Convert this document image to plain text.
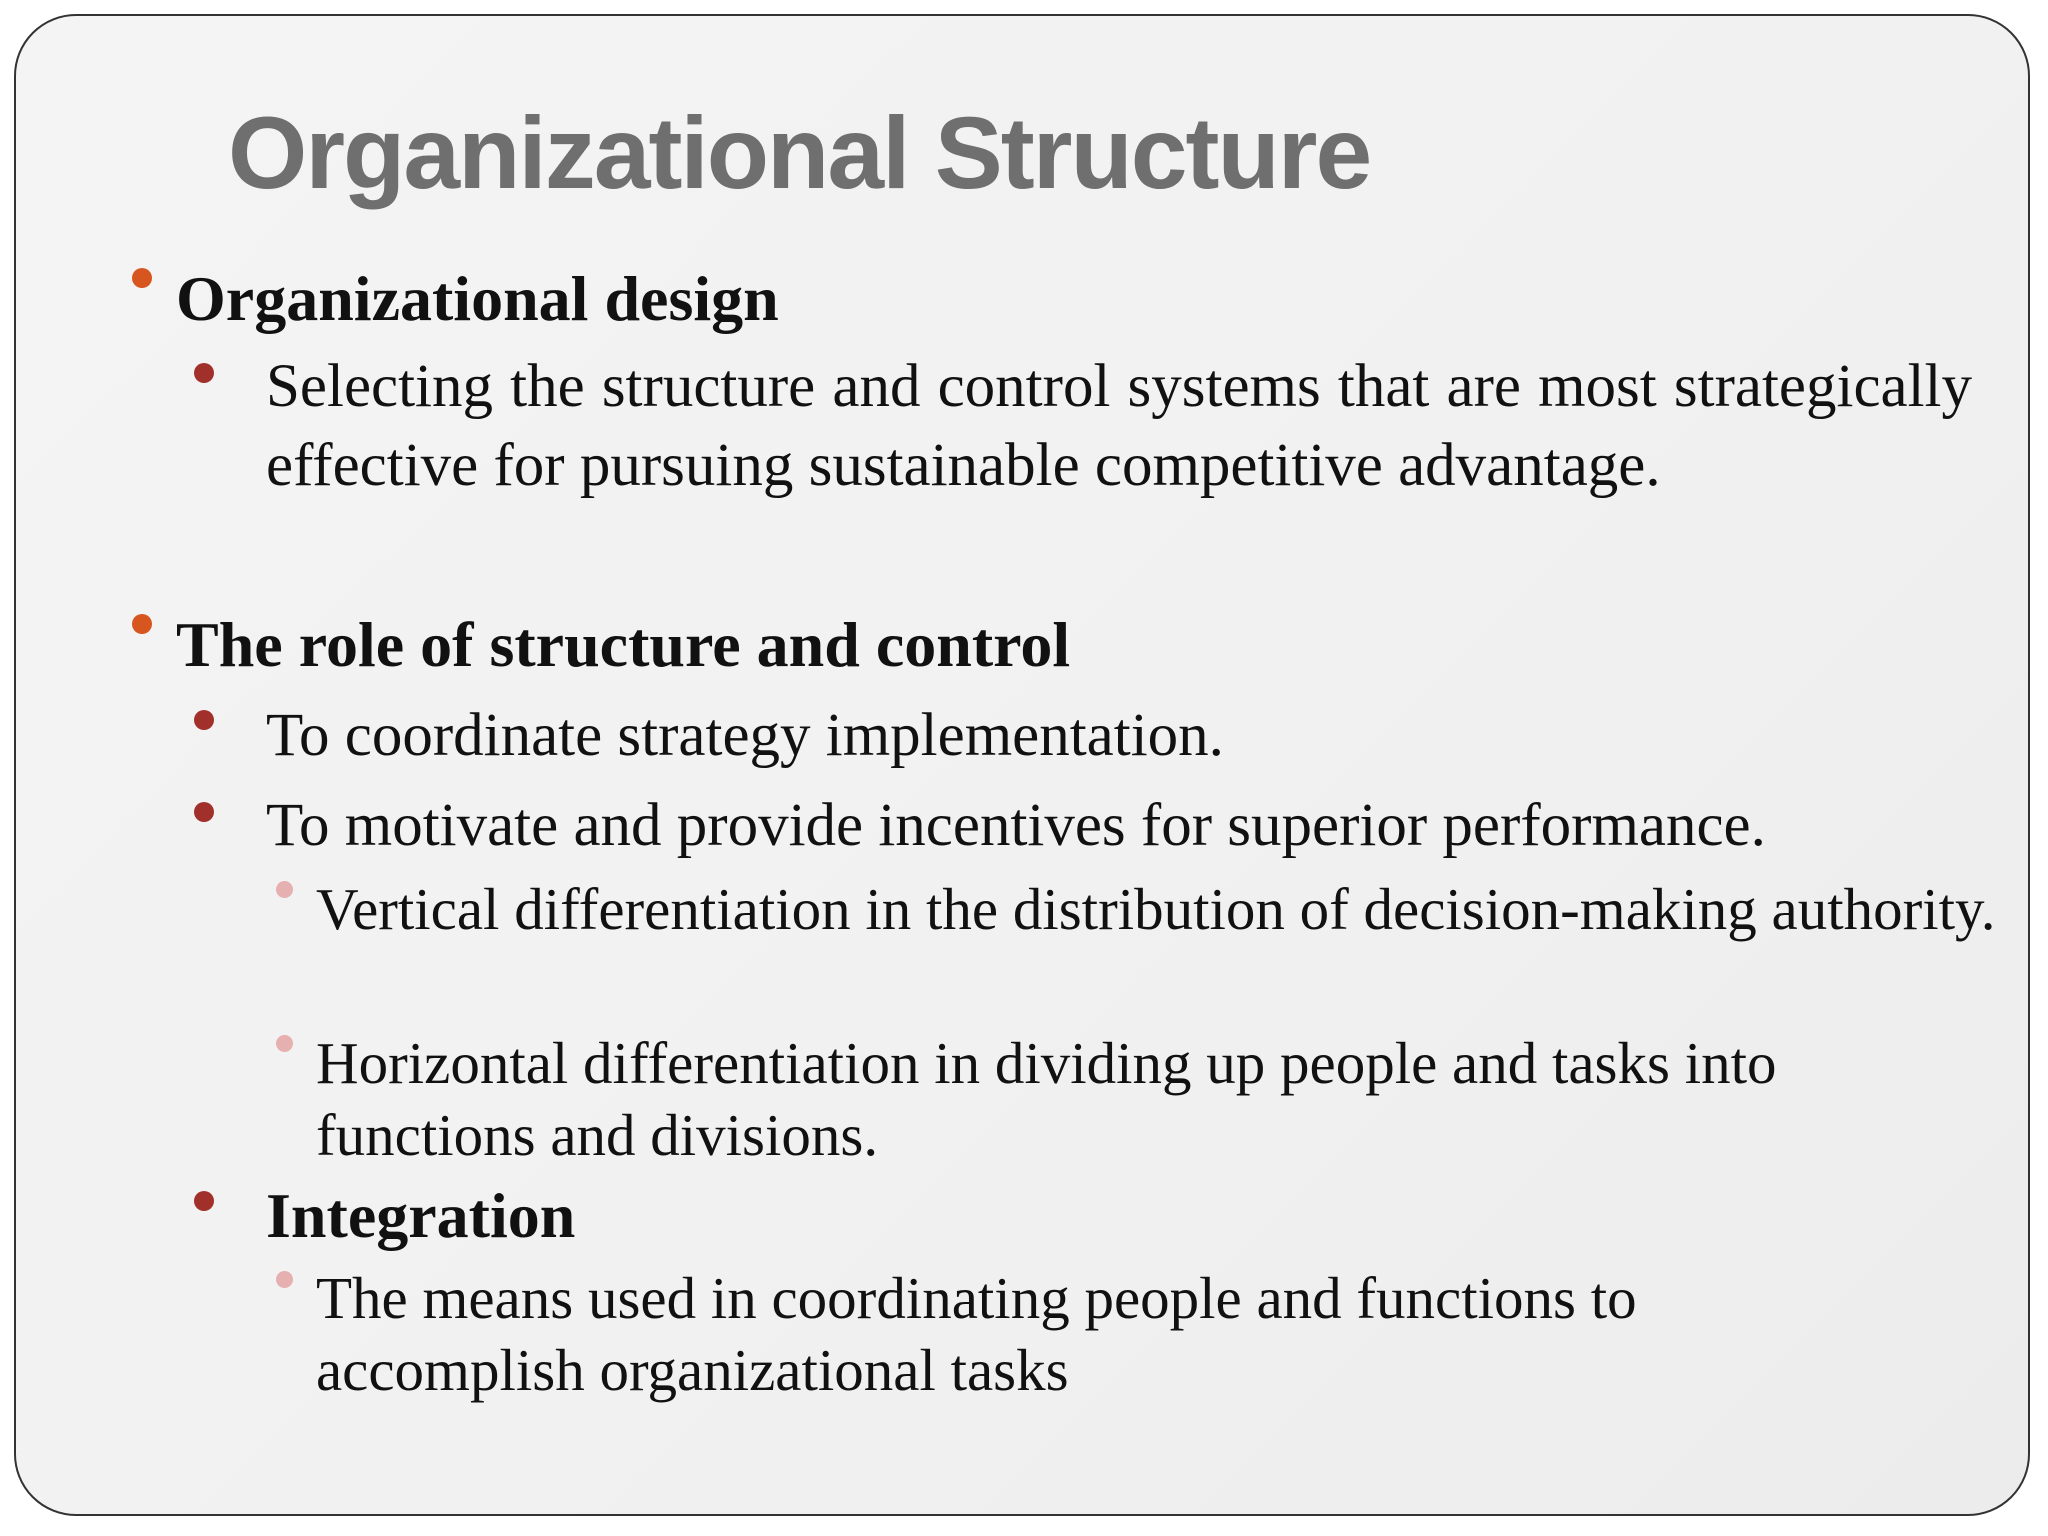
Organizational Structure
Organizational design
Selecting the structure and control systems that are most strategically effective for pursuing sustainable competitive advantage.
The role of structure and control
To coordinate strategy implementation.
To motivate and provide incentives for superior performance.
Vertical differentiation in the distribution of decision-making authority.
Horizontal differentiation in dividing up people and tasks into functions and divisions.
Integration
The means used in coordinating people and functions to accomplish organizational tasks
